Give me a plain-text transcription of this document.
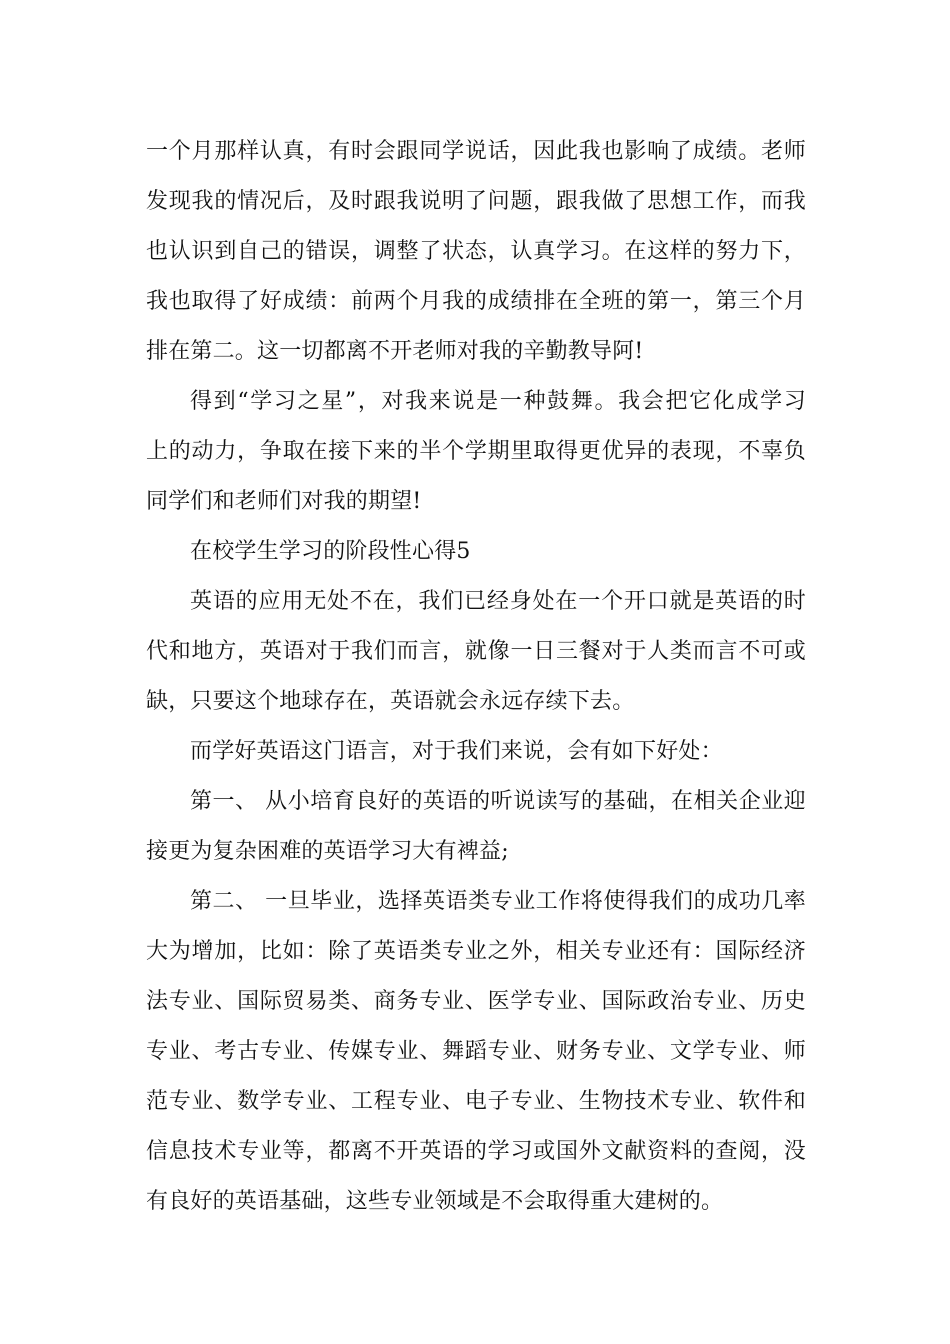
一个月那样认真，有时会跟同学说话，因此我也影响了成绩。老师
发现我的情况后，及时跟我说明了问题，跟我做了思想工作，而我
也认识到自己的错误，调整了状态，认真学习。在这样的努力下，
我也取得了好成绩：前两个月我的成绩排在全班的第一，第三个月
排在第二。这一切都离不开老师对我的辛勤教导阿!
得到“学习之星”，对我来说是一种鼓舞。我会把它化成学习
上的动力，争取在接下来的半个学期里取得更优异的表现，不辜负
同学们和老师们对我的期望!
在校学生学习的阶段性心得5
英语的应用无处不在，我们已经身处在一个开口就是英语的时
代和地方，英语对于我们而言，就像一日三餐对于人类而言不可或
缺，只要这个地球存在，英语就会永远存续下去。
而学好英语这门语言，对于我们来说，会有如下好处：
第一、 从小培育良好的英语的听说读写的基础，在相关企业迎
接更为复杂困难的英语学习大有裨益;
第二、 一旦毕业，选择英语类专业工作将使得我们的成功几率
大为增加，比如：除了英语类专业之外，相关专业还有：国际经济
法专业、国际贸易类、商务专业、医学专业、国际政治专业、历史
专业、考古专业、传媒专业、舞蹈专业、财务专业、文学专业、师
范专业、数学专业、工程专业、电子专业、生物技术专业、软件和
信息技术专业等，都离不开英语的学习或国外文献资料的查阅，没
有良好的英语基础，这些专业领域是不会取得重大建树的。
